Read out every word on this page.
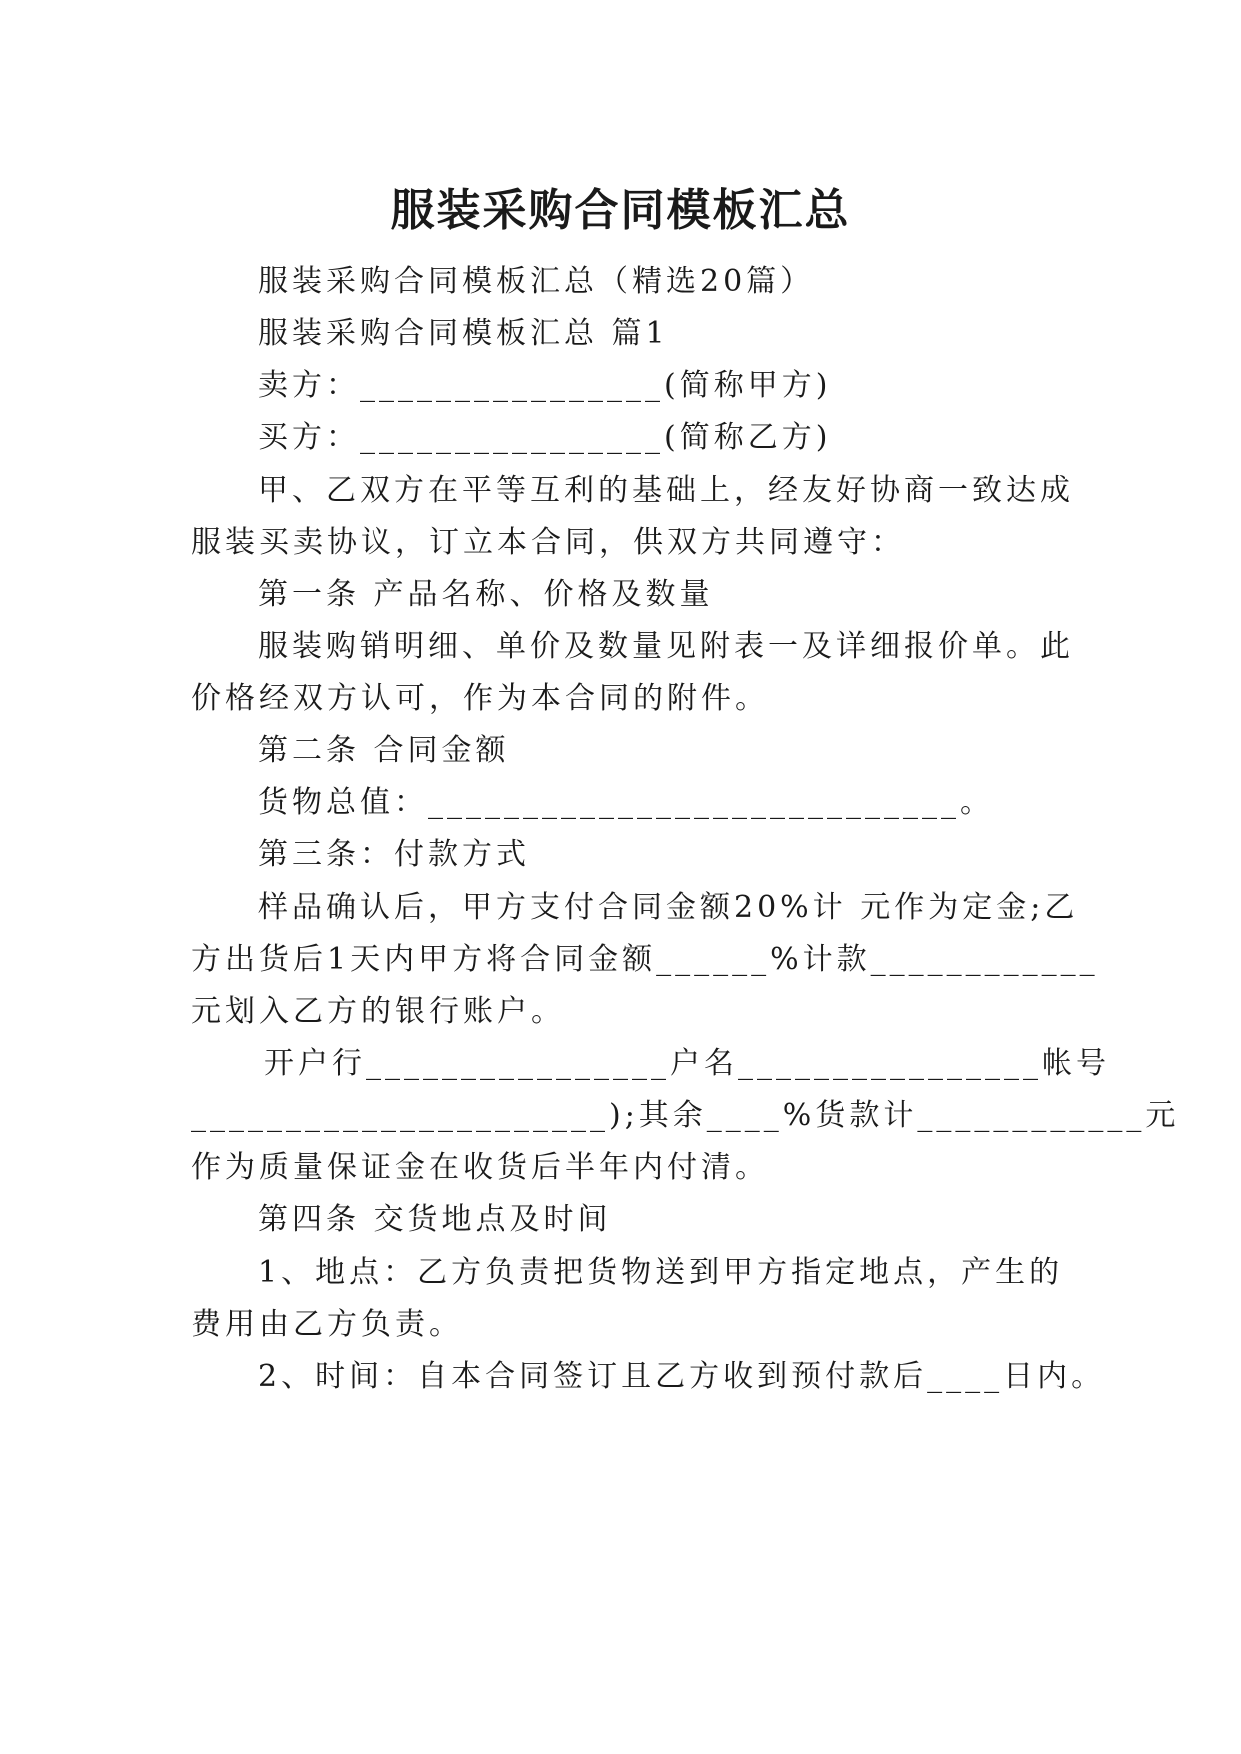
服装采购合同模板汇总

服装采购合同模板汇总（精选20篇）

服装采购合同模板汇总 篇1

卖方：________________(简称甲方)

买方：________________(简称乙方)

甲、乙双方在平等互利的基础上，经友好协商一致达成

服装买卖协议，订立本合同，供双方共同遵守：

第一条 产品名称、价格及数量

服装购销明细、单价及数量见附表一及详细报价单。此

价格经双方认可，作为本合同的附件。

第二条 合同金额

货物总值：____________________________。

第三条：付款方式

样品确认后，甲方支付合同金额20%计 元作为定金;乙

方出货后1天内甲方将合同金额______%计款____________

元划入乙方的银行账户。

开户行________________户名________________帐号

______________________);其余____%货款计____________元

作为质量保证金在收货后半年内付清。

第四条 交货地点及时间

1、地点：乙方负责把货物送到甲方指定地点，产生的

费用由乙方负责。

2、时间：自本合同签订且乙方收到预付款后____日内。
